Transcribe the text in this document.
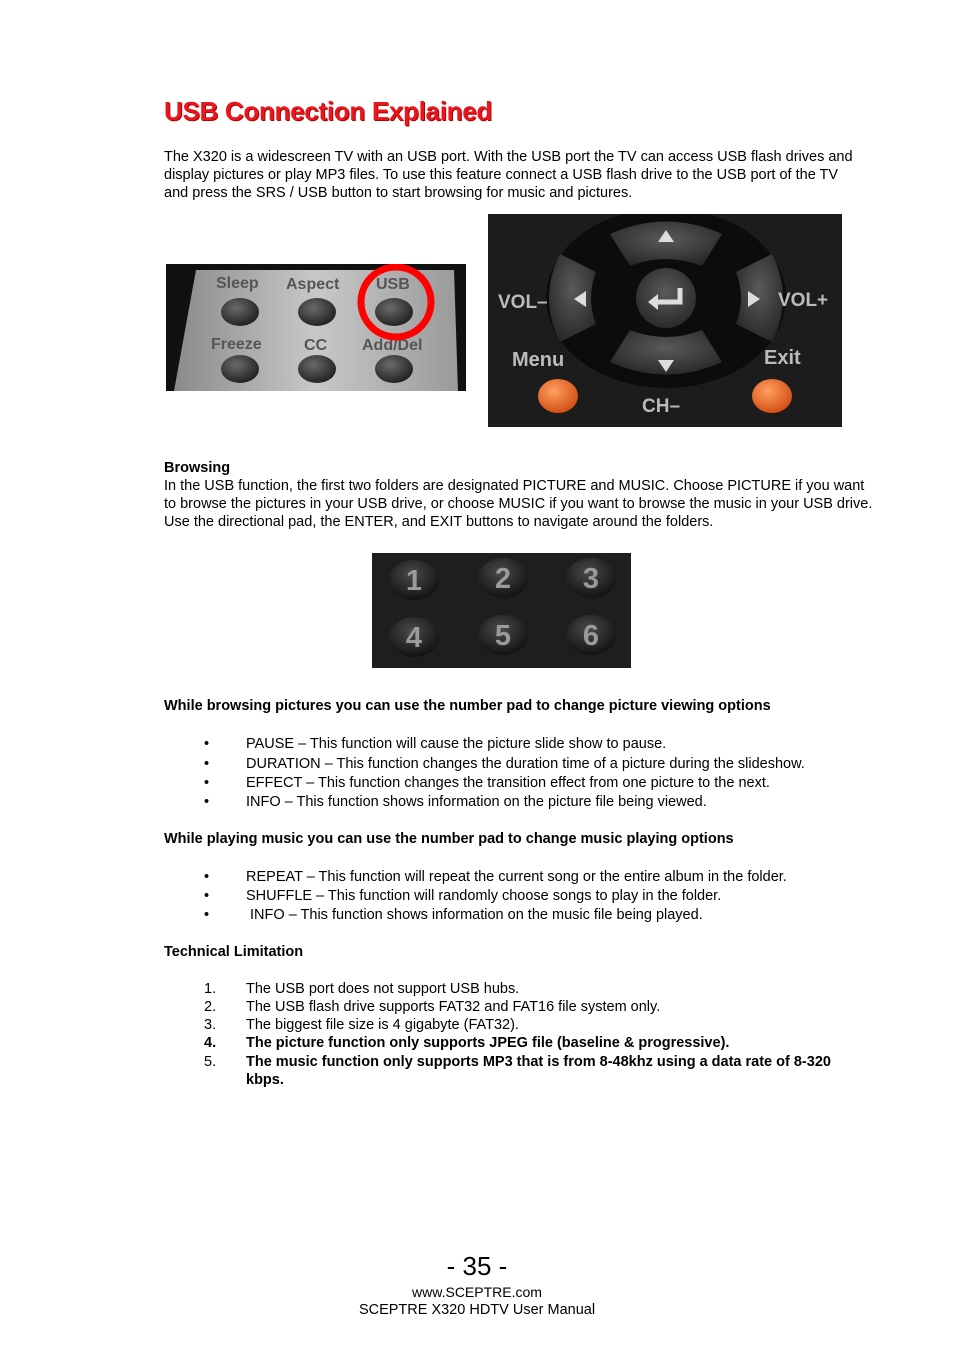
USB Connection Explained
The X320 is a widescreen TV with an USB port. With the USB port the TV can access USB flash drives and display pictures or play MP3 files. To use this feature connect a USB flash drive to the USB port of the TV and press the SRS / USB button to start browsing for music and pictures.
Sleep Aspect USB
Freeze	CC Add/Del
VOL–	VOL+
Menu	Exit
CH–
Browsing
In the USB function, the first two folders are designated PICTURE and MUSIC. Choose PICTURE if you want to browse the pictures in your USB drive, or choose MUSIC if you want to browse the music in your USB drive. Use the directional pad, the ENTER, and EXIT buttons to navigate around the folders.
1	2 3
4	5 6
While browsing pictures you can use the number pad to change picture viewing options
•	PAUSE – This function will cause the picture slide show to pause.
•	DURATION – This function changes the duration time of a picture during the slideshow.
•	EFFECT – This function changes the transition effect from one picture to the next.
•	INFO – This function shows information on the picture file being viewed.
While playing music you can use the number pad to change music playing options
•	REPEAT – This function will repeat the current song or the entire album in the folder.
•	SHUFFLE – This function will randomly choose songs to play in the folder.
•	INFO – This function shows information on the music file being played.
Technical Limitation
1. The USB port does not support USB hubs.
2. The USB flash drive supports FAT32 and FAT16 file system only.
3. The biggest file size is 4 gigabyte (FAT32).
4. The picture function only supports JPEG file (baseline & progressive).
5. The music function only supports MP3 that is from 8-48khz using a data rate of 8-320 kbps.
- 35 -
www.SCEPTRE.com
SCEPTRE X320 HDTV User Manual
